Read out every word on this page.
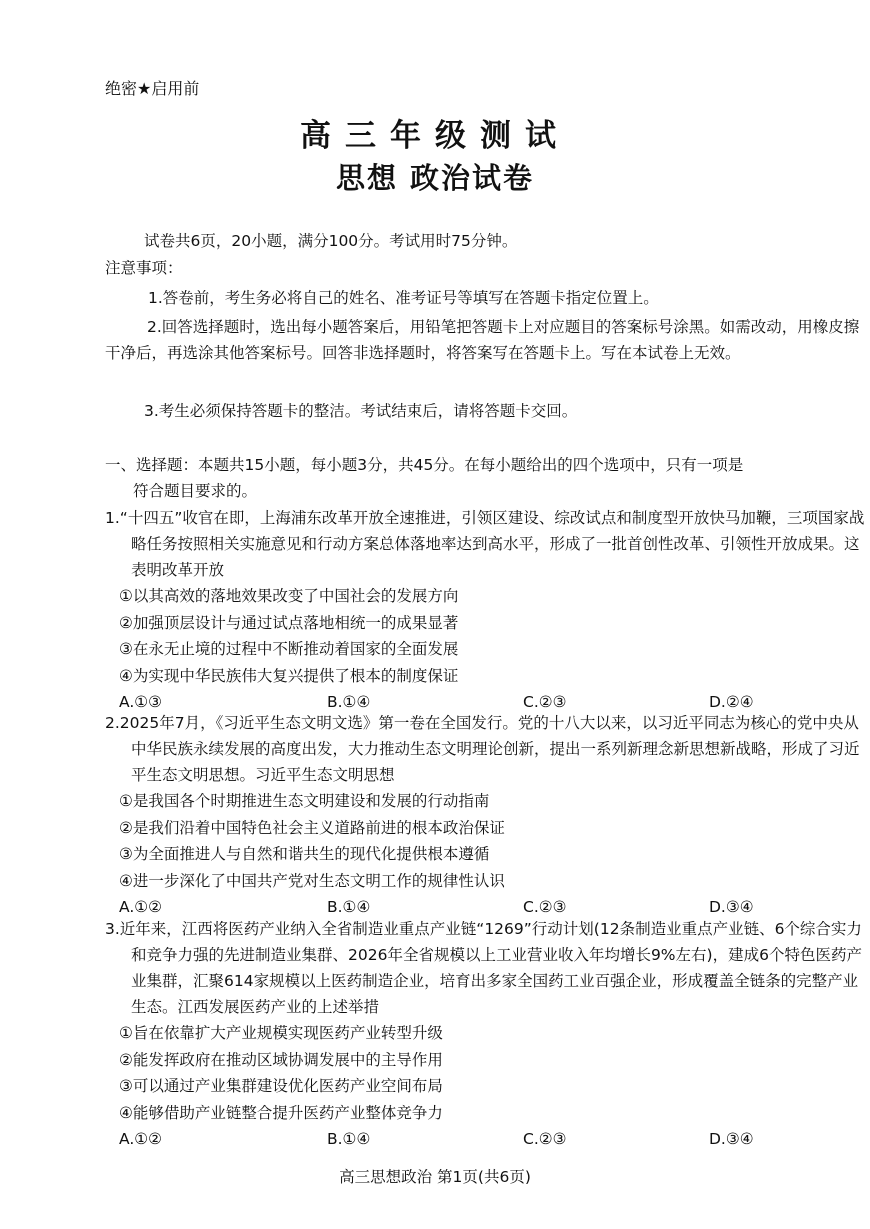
绝密★启用前
高三年级测试
思想 政治试卷
试卷共6页，20小题，满分100分。考试用时75分钟。
注意事项：
1.答卷前，考生务必将自己的姓名、准考证号等填写在答题卡指定位置上。
2.回答选择题时，选出每小题答案后，用铅笔把答题卡上对应题目的答案标号涂黑。如需改动，用橡皮擦干净后，再选涂其他答案标号。回答非选择题时，将答案写在答题卡上。写在本试卷上无效。
3.考生必须保持答题卡的整洁。考试结束后，请将答题卡交回。
一、选择题：本题共15小题，每小题3分，共45分。在每小题给出的四个选项中，只有一项是
符合题目要求的。
1.“十四五”收官在即，上海浦东改革开放全速推进，引领区建设、综改试点和制度型开放快马加鞭，三项国家战略任务按照相关实施意见和行动方案总体落地率达到高水平，形成了一批首创性改革、引领性开放成果。这表明改革开放
①以其高效的落地效果改变了中国社会的发展方向
②加强顶层设计与通过试点落地相统一的成果显著
③在永无止境的过程中不断推动着国家的全面发展
④为实现中华民族伟大复兴提供了根本的制度保证
A.①③	B.①④	C.②③	D.②④
2.2025年7月，《习近平生态文明文选》第一卷在全国发行。党的十八大以来，以习近平同志为核心的党中央从中华民族永续发展的高度出发，大力推动生态文明理论创新，提出一系列新理念新思想新战略，形成了习近平生态文明思想。习近平生态文明思想
①是我国各个时期推进生态文明建设和发展的行动指南
②是我们沿着中国特色社会主义道路前进的根本政治保证
③为全面推进人与自然和谐共生的现代化提供根本遵循
④进一步深化了中国共产党对生态文明工作的规律性认识
A.①②	B.①④	C.②③	D.③④
3.近年来，江西将医药产业纳入全省制造业重点产业链“1269”行动计划(12条制造业重点产业链、6个综合实力和竞争力强的先进制造业集群、2026年全省规模以上工业营业收入年均增长9%左右)，建成6个特色医药产业集群，汇聚614家规模以上医药制造企业，培育出多家全国药工业百强企业，形成覆盖全链条的完整产业生态。江西发展医药产业的上述举措
①旨在依靠扩大产业规模实现医药产业转型升级
②能发挥政府在推动区域协调发展中的主导作用
③可以通过产业集群建设优化医药产业空间布局
④能够借助产业链整合提升医药产业整体竞争力
A.①②	B.①④	C.②③	D.③④
高三思想政治 第1页(共6页)
